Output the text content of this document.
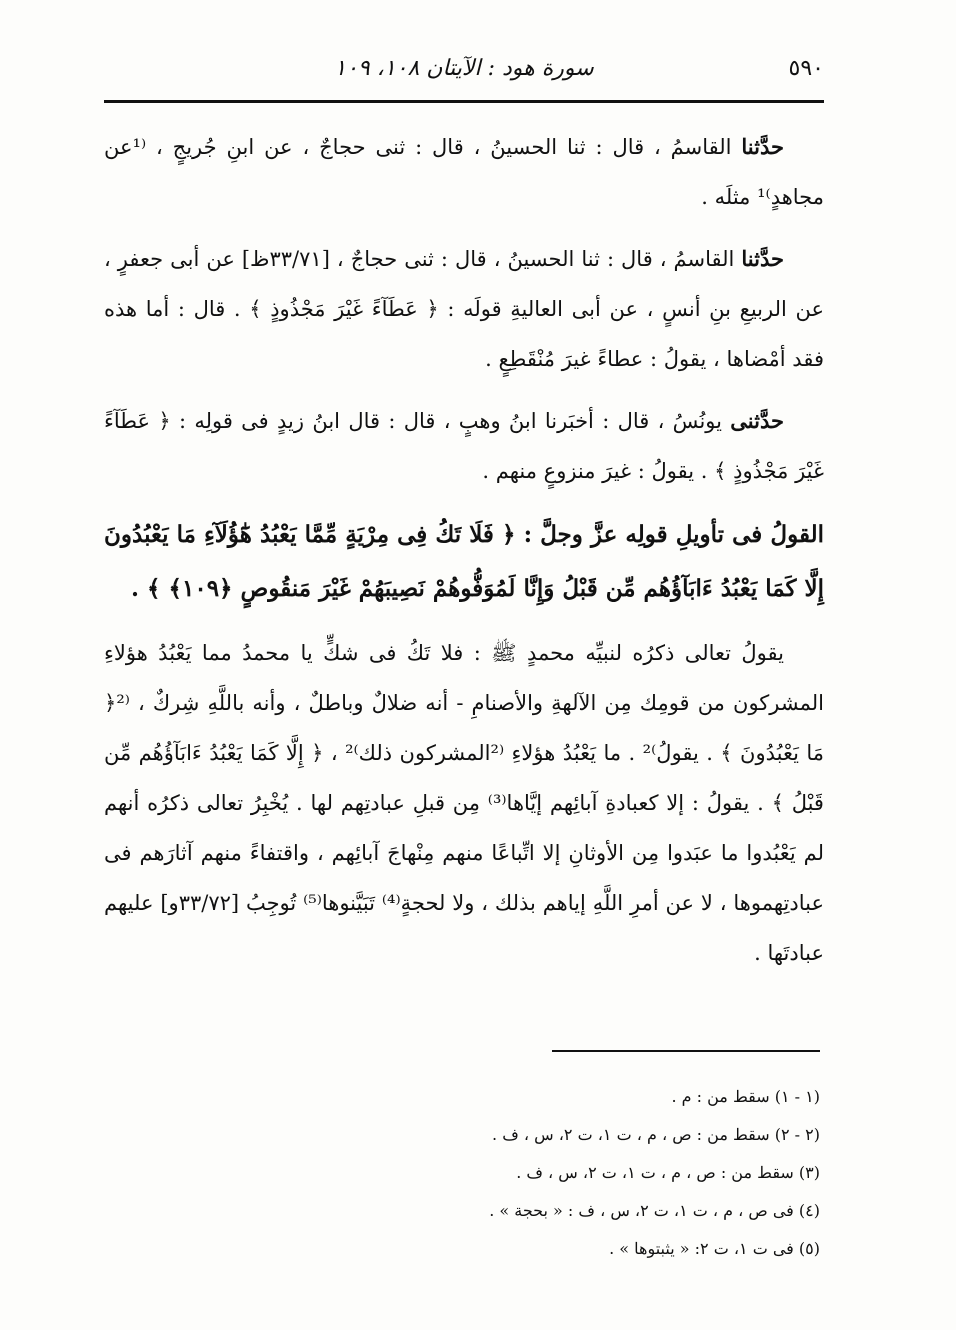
٥٩٠
سورة هود : الآيتان ١٠٨، ١٠٩

حدَّثنا القاسمُ ، قال : ثنا الحسينُ ، قال : ثنى حجاجٌ ، عن ابنِ جُريجٍ ، ⁽¹عن مجاهدٍ⁾¹ مثلَه .

حدَّثنا القاسمُ ، قال : ثنا الحسينُ ، قال : ثنى حجاجٌ ، [٣٣/٧١ظ] عن أبى جعفرٍ ، عن الربيعِ بنِ أنسٍ ، عن أبى العاليةِ قولَه : ﴿ عَطَآءً غَيْرَ مَجْذُوذٍ ﴾ . قال : أما هذه فقد أمْضاها ، يقولُ : عطاءً غيرَ مُنْقَطِعٍ .

حدَّثنى يونُسُ ، قال : أخبَرنا ابنُ وهبٍ ، قال : قال ابنُ زيدٍ فى قولِه : ﴿ عَطَآءً غَيْرَ مَجْذُوذٍ ﴾ . يقولُ : غيرَ منزوعٍ منهم .

القولُ فى تأويلِ قولِه عزَّ وجلَّ : ﴿ فَلَا تَكُ فِى مِرْيَةٍ مِّمَّا يَعْبُدُ هَٰٓؤُلَآءِ مَا يَعْبُدُونَ إِلَّا كَمَا يَعْبُدُ ءَابَآؤُهُم مِّن قَبْلُ وَإِنَّا لَمُوَفُّوهُمْ نَصِيبَهُمْ غَيْرَ مَنقُوصٍ ﴿١٠٩﴾ ﴾ .

يقولُ تعالى ذكرُه لنبيِّه محمدٍ ﷺ : فلا تَكُ فى شكٍّ يا محمدُ مما يَعْبُدُ هؤلاءِ المشركون من قومِك مِن الآلهةِ والأصنامِ - أنه ضلالٌ وباطلٌ ، وأنه باللَّهِ شِركٌ ، ⁽²﴿ مَا يَعْبُدُونَ ﴾ . يقولُ⁾² . ما يَعْبُدُ هؤلاءِ ⁽²المشركون ذلك⁾² ، ﴿ إِلَّا كَمَا يَعْبُدُ ءَابَآؤُهُم مِّن قَبْلُ ﴾ . يقولُ : إلا كعبادةِ آبائِهم إيَّاها⁽³⁾ مِن قبلِ عبادتِهم لها . يُخْبِرُ تعالى ذكرُه أنهم لم يَعْبُدوا ما عبَدوا مِن الأوثانِ إلا اتِّباعًا منهم مِنْهاجَ آبائِهم ، واقتفاءً منهم آثارَهم فى عبادتِهموها ، لا عن أمرِ اللَّهِ إياهم بذلك ، ولا لحجةٍ⁽⁴⁾ تَبَيَّنوها⁽⁵⁾ تُوجِبُ [٣٣/٧٢و] عليهم عبادتَها .

(١ - ١) سقط من : م .

(٢ - ٢) سقط من : ص ، م ، ت ١، ت ٢، س ، ف .

(٣) سقط من : ص ، م ، ت ١، ت ٢، س ، ف .

(٤) فى ص ، م ، ت ١، ت ٢، س ، ف : « بحجة » .

(٥) فى ت ١، ت ٢: « يثبتوها » .
